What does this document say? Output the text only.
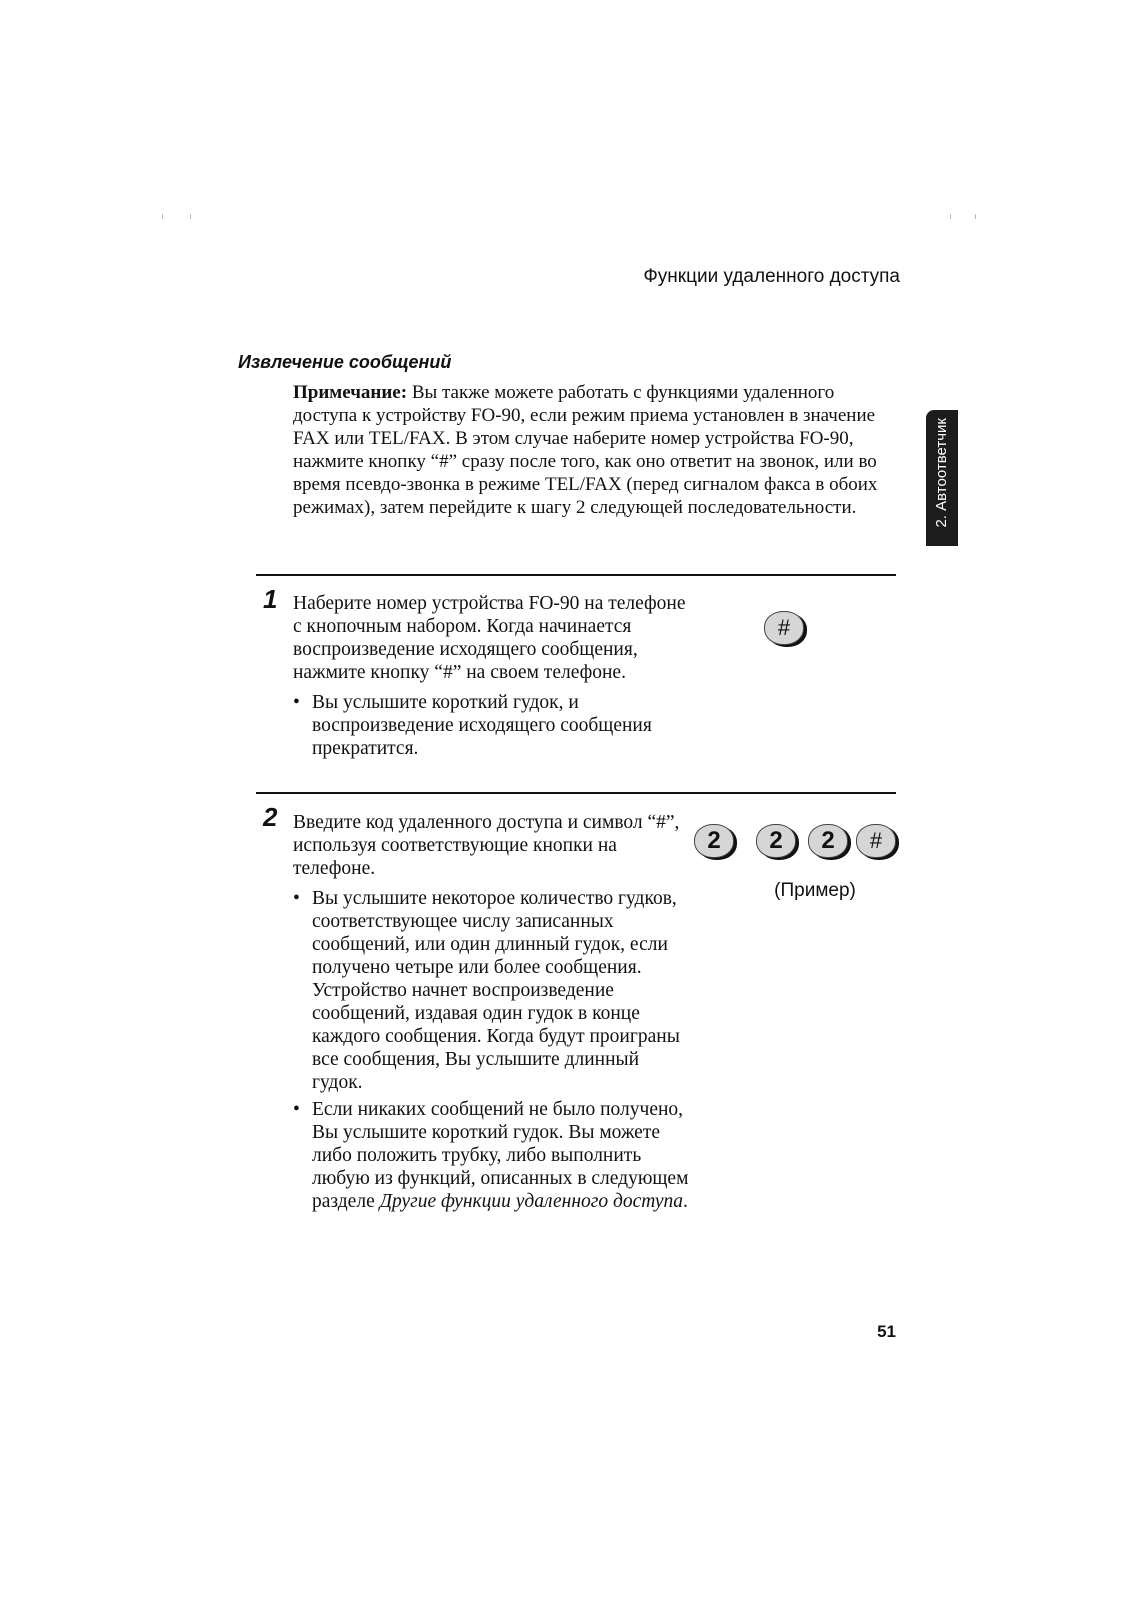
Функции удаленного доступа
2. Автоответчик
Извлечение сообщений
Примечание: Вы также можете работать с функциями удаленного доступа к устройству FO-90, если режим приема установлен в значение FAX или TEL/FAX. В этом случае наберите номер устройства FO-90, нажмите кнопку “#” сразу после того, как оно ответит на звонок, или во время псевдо-звонка в режиме TEL/FAX (перед сигналом факса в обоих режимах), затем перейдите к шагу 2 следующей последовательности.
1 Наберите номер устройства FO-90 на телефоне с кнопочным набором. Когда начинается воспроизведение исходящего сообщения, нажмите кнопку “#” на своем телефоне.
• Вы услышите короткий гудок, и воспроизведение исходящего сообщения прекратится.
#
2 Введите код удаленного доступа и символ “#”, используя соответствующие кнопки на телефоне.
• Вы услышите некоторое количество гудков, соответствующее числу записанных сообщений, или один длинный гудок, если получено четыре или более сообщения. Устройство начнет воспроизведение сообщений, издавая один гудок в конце каждого сообщения. Когда будут проиграны все сообщения, Вы услышите длинный гудок.
• Если никаких сообщений не было получено, Вы услышите короткий гудок. Вы можете либо положить трубку, либо выполнить любую из функций, описанных в следующем разделе Другие функции удаленного доступа.
2	2	2	#
(Пример)
51
